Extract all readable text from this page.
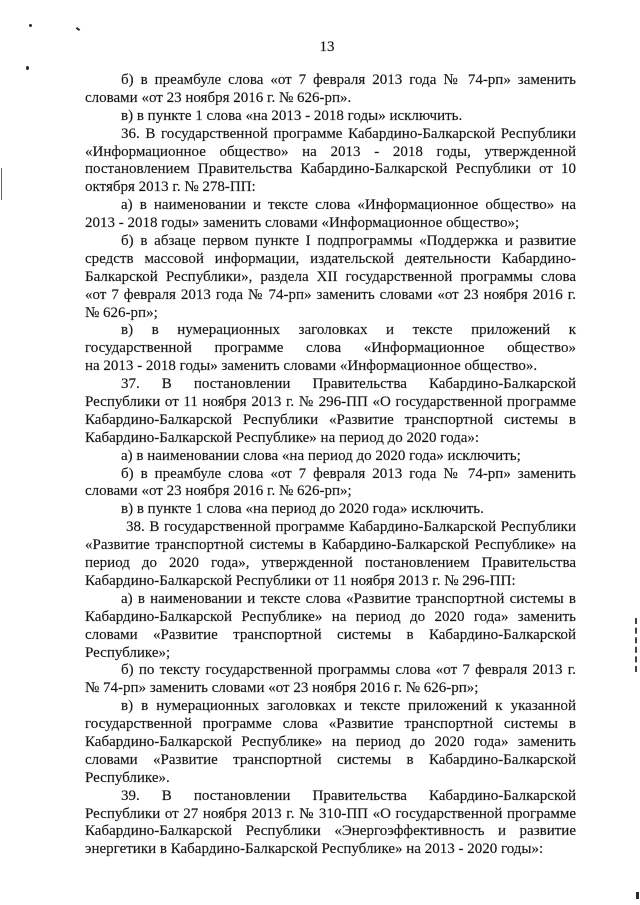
13
б) в преамбуле слова «от 7 февраля 2013 года № 74-рп» заменить
словами «от 23 ноября 2016 г. № 626-рп».
в) в пункте 1 слова «на 2013 - 2018 годы» исключить.
36. В государственной программе Кабардино-Балкарской Республики
«Информационное общество» на 2013 - 2018 годы, утвержденной
постановлением Правительства Кабардино-Балкарской Республики от 10
октября 2013 г. № 278-ПП:
а) в наименовании и тексте слова «Информационное общество» на
2013 - 2018 годы» заменить словами «Информационное общество»;
б) в абзаце первом пункте I подпрограммы «Поддержка и развитие
средств массовой информации, издательской деятельности Кабардино-
Балкарской Республики», раздела XII государственной программы слова
«от 7 февраля 2013 года № 74-рп» заменить словами «от 23 ноября 2016 г.
№ 626-рп»;
в) в нумерационных заголовках и тексте приложений к
государственной программе слова «Информационное общество»
на 2013 - 2018 годы» заменить словами «Информационное общество».
37. В постановлении Правительства Кабардино-Балкарской
Республики от 11 ноября 2013 г. № 296-ПП «О государственной программе
Кабардино-Балкарской Республики «Развитие транспортной системы в
Кабардино-Балкарской Республике» на период до 2020 года»:
а) в наименовании слова «на период до 2020 года» исключить;
б) в преамбуле слова «от 7 февраля 2013 года № 74-рп» заменить
словами «от 23 ноября 2016 г. № 626-рп»;
в) в пункте 1 слова «на период до 2020 года» исключить.
38. В государственной программе Кабардино-Балкарской Республики
«Развитие транспортной системы в Кабардино-Балкарской Республике» на
период до 2020 года», утвержденной постановлением Правительства
Кабардино-Балкарской Республики от 11 ноября 2013 г. № 296-ПП:
а) в наименовании и тексте слова «Развитие транспортной системы в
Кабардино-Балкарской Республике» на период до 2020 года» заменить
словами «Развитие транспортной системы в Кабардино-Балкарской
Республике»;
б) по тексту государственной программы слова «от 7 февраля 2013 г.
№ 74-рп» заменить словами «от 23 ноября 2016 г. № 626-рп»;
в) в нумерационных заголовках и тексте приложений к указанной
государственной программе слова «Развитие транспортной системы в
Кабардино-Балкарской Республике» на период до 2020 года» заменить
словами «Развитие транспортной системы в Кабардино-Балкарской
Республике».
39. В постановлении Правительства Кабардино-Балкарской
Республики от 27 ноября 2013 г. № 310-ПП «О государственной программе
Кабардино-Балкарской Республики «Энергоэффективность и развитие
энергетики в Кабардино-Балкарской Республике» на 2013 - 2020 годы»:
